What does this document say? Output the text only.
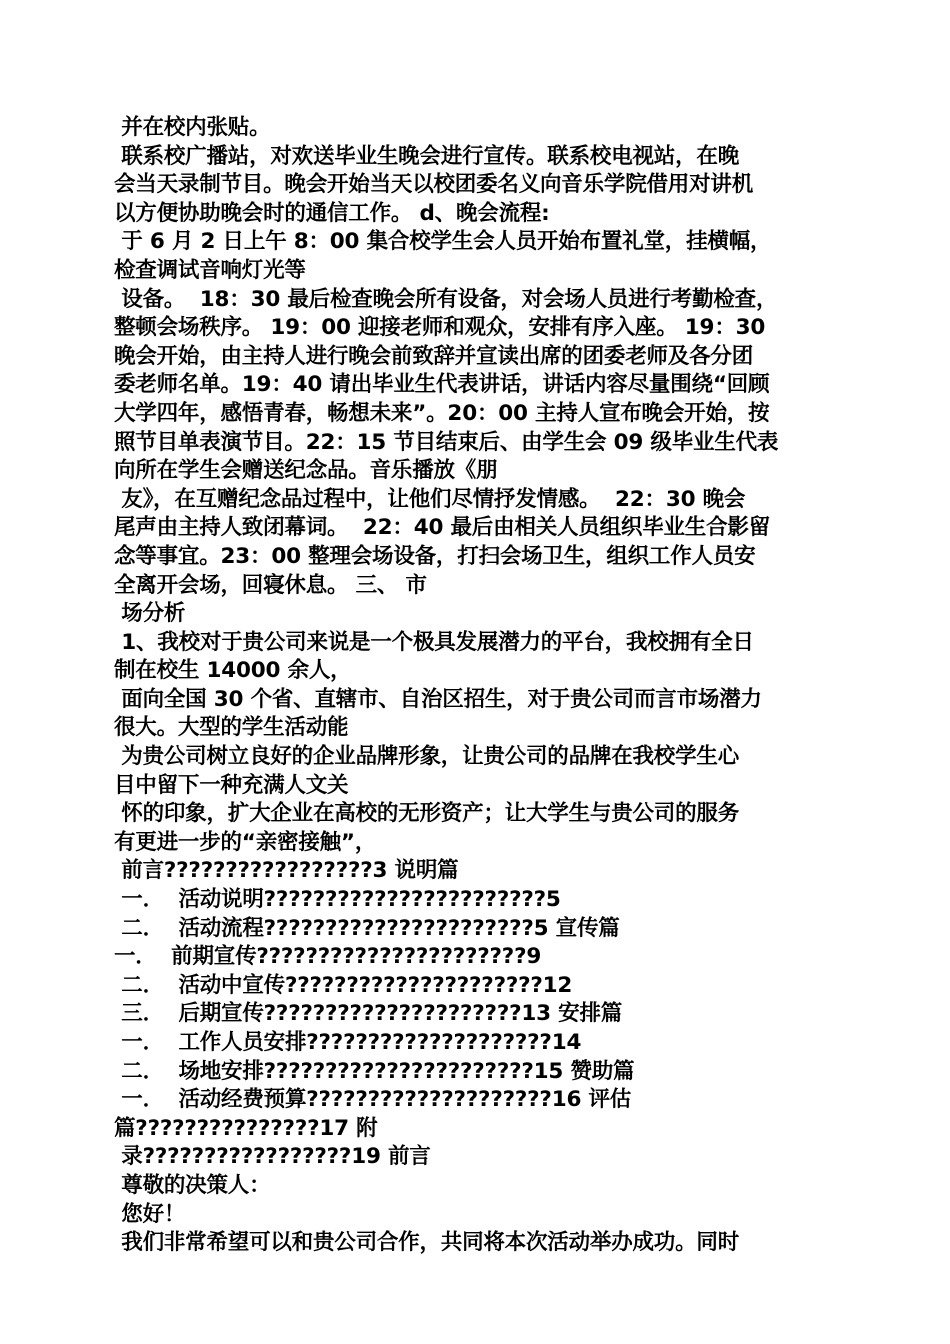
并在校内张贴。
联系校广播站，对欢送毕业生晚会进行宣传。联系校电视站，在晚
会当天录制节目。晚会开始当天以校团委名义向音乐学院借用对讲机
以方便协助晚会时的通信工作。 d、晚会流程:
于 6 月 2 日上午 8：00 集合校学生会人员开始布置礼堂，挂横幅，
检查调试音响灯光等
设备。  18：30 最后检查晚会所有设备，对会场人员进行考勤检查，
整顿会场秩序。 19：00 迎接老师和观众，安排有序入座。 19：30
晚会开始，由主持人进行晚会前致辞并宣读出席的团委老师及各分团
委老师名单。19：40 请出毕业生代表讲话，讲话内容尽量围绕“回顾
大学四年，感悟青春，畅想未来”。20：00 主持人宣布晚会开始，按
照节目单表演节目。22：15 节目结束后、由学生会 09 级毕业生代表
向所在学生会赠送纪念品。音乐播放《朋
友》，在互赠纪念品过程中，让他们尽情抒发情感。  22：30 晚会
尾声由主持人致闭幕词。  22：40 最后由相关人员组织毕业生合影留
念等事宜。23：00 整理会场设备，打扫会场卫生，组织工作人员安
全离开会场，回寝休息。 三、 市
场分析
1、我校对于贵公司来说是一个极具发展潜力的平台，我校拥有全日
制在校生 14000 余人，
面向全国 30 个省、直辖市、自治区招生，对于贵公司而言市场潜力
很大。大型的学生活动能
为贵公司树立良好的企业品牌形象，让贵公司的品牌在我校学生心
目中留下一种充满人文关
怀的印象，扩大企业在高校的无形资产；让大学生与贵公司的服务
有更进一步的“亲密接触”，
前言?????????????????3 说明篇
一．  活动说明???????????????????????5
二．  活动流程??????????????????????5 宣传篇
一．  前期宣传??????????????????????9
二．  活动中宣传?????????????????????12
三．  后期宣传?????????????????????13 安排篇
一．  工作人员安排????????????????????14
二．  场地安排??????????????????????15 赞助篇
一．  活动经费预算????????????????????16 评估
篇???????????????17 附
录?????????????????19 前言
尊敬的决策人：
您好！
我们非常希望可以和贵公司合作，共同将本次活动举办成功。同时
